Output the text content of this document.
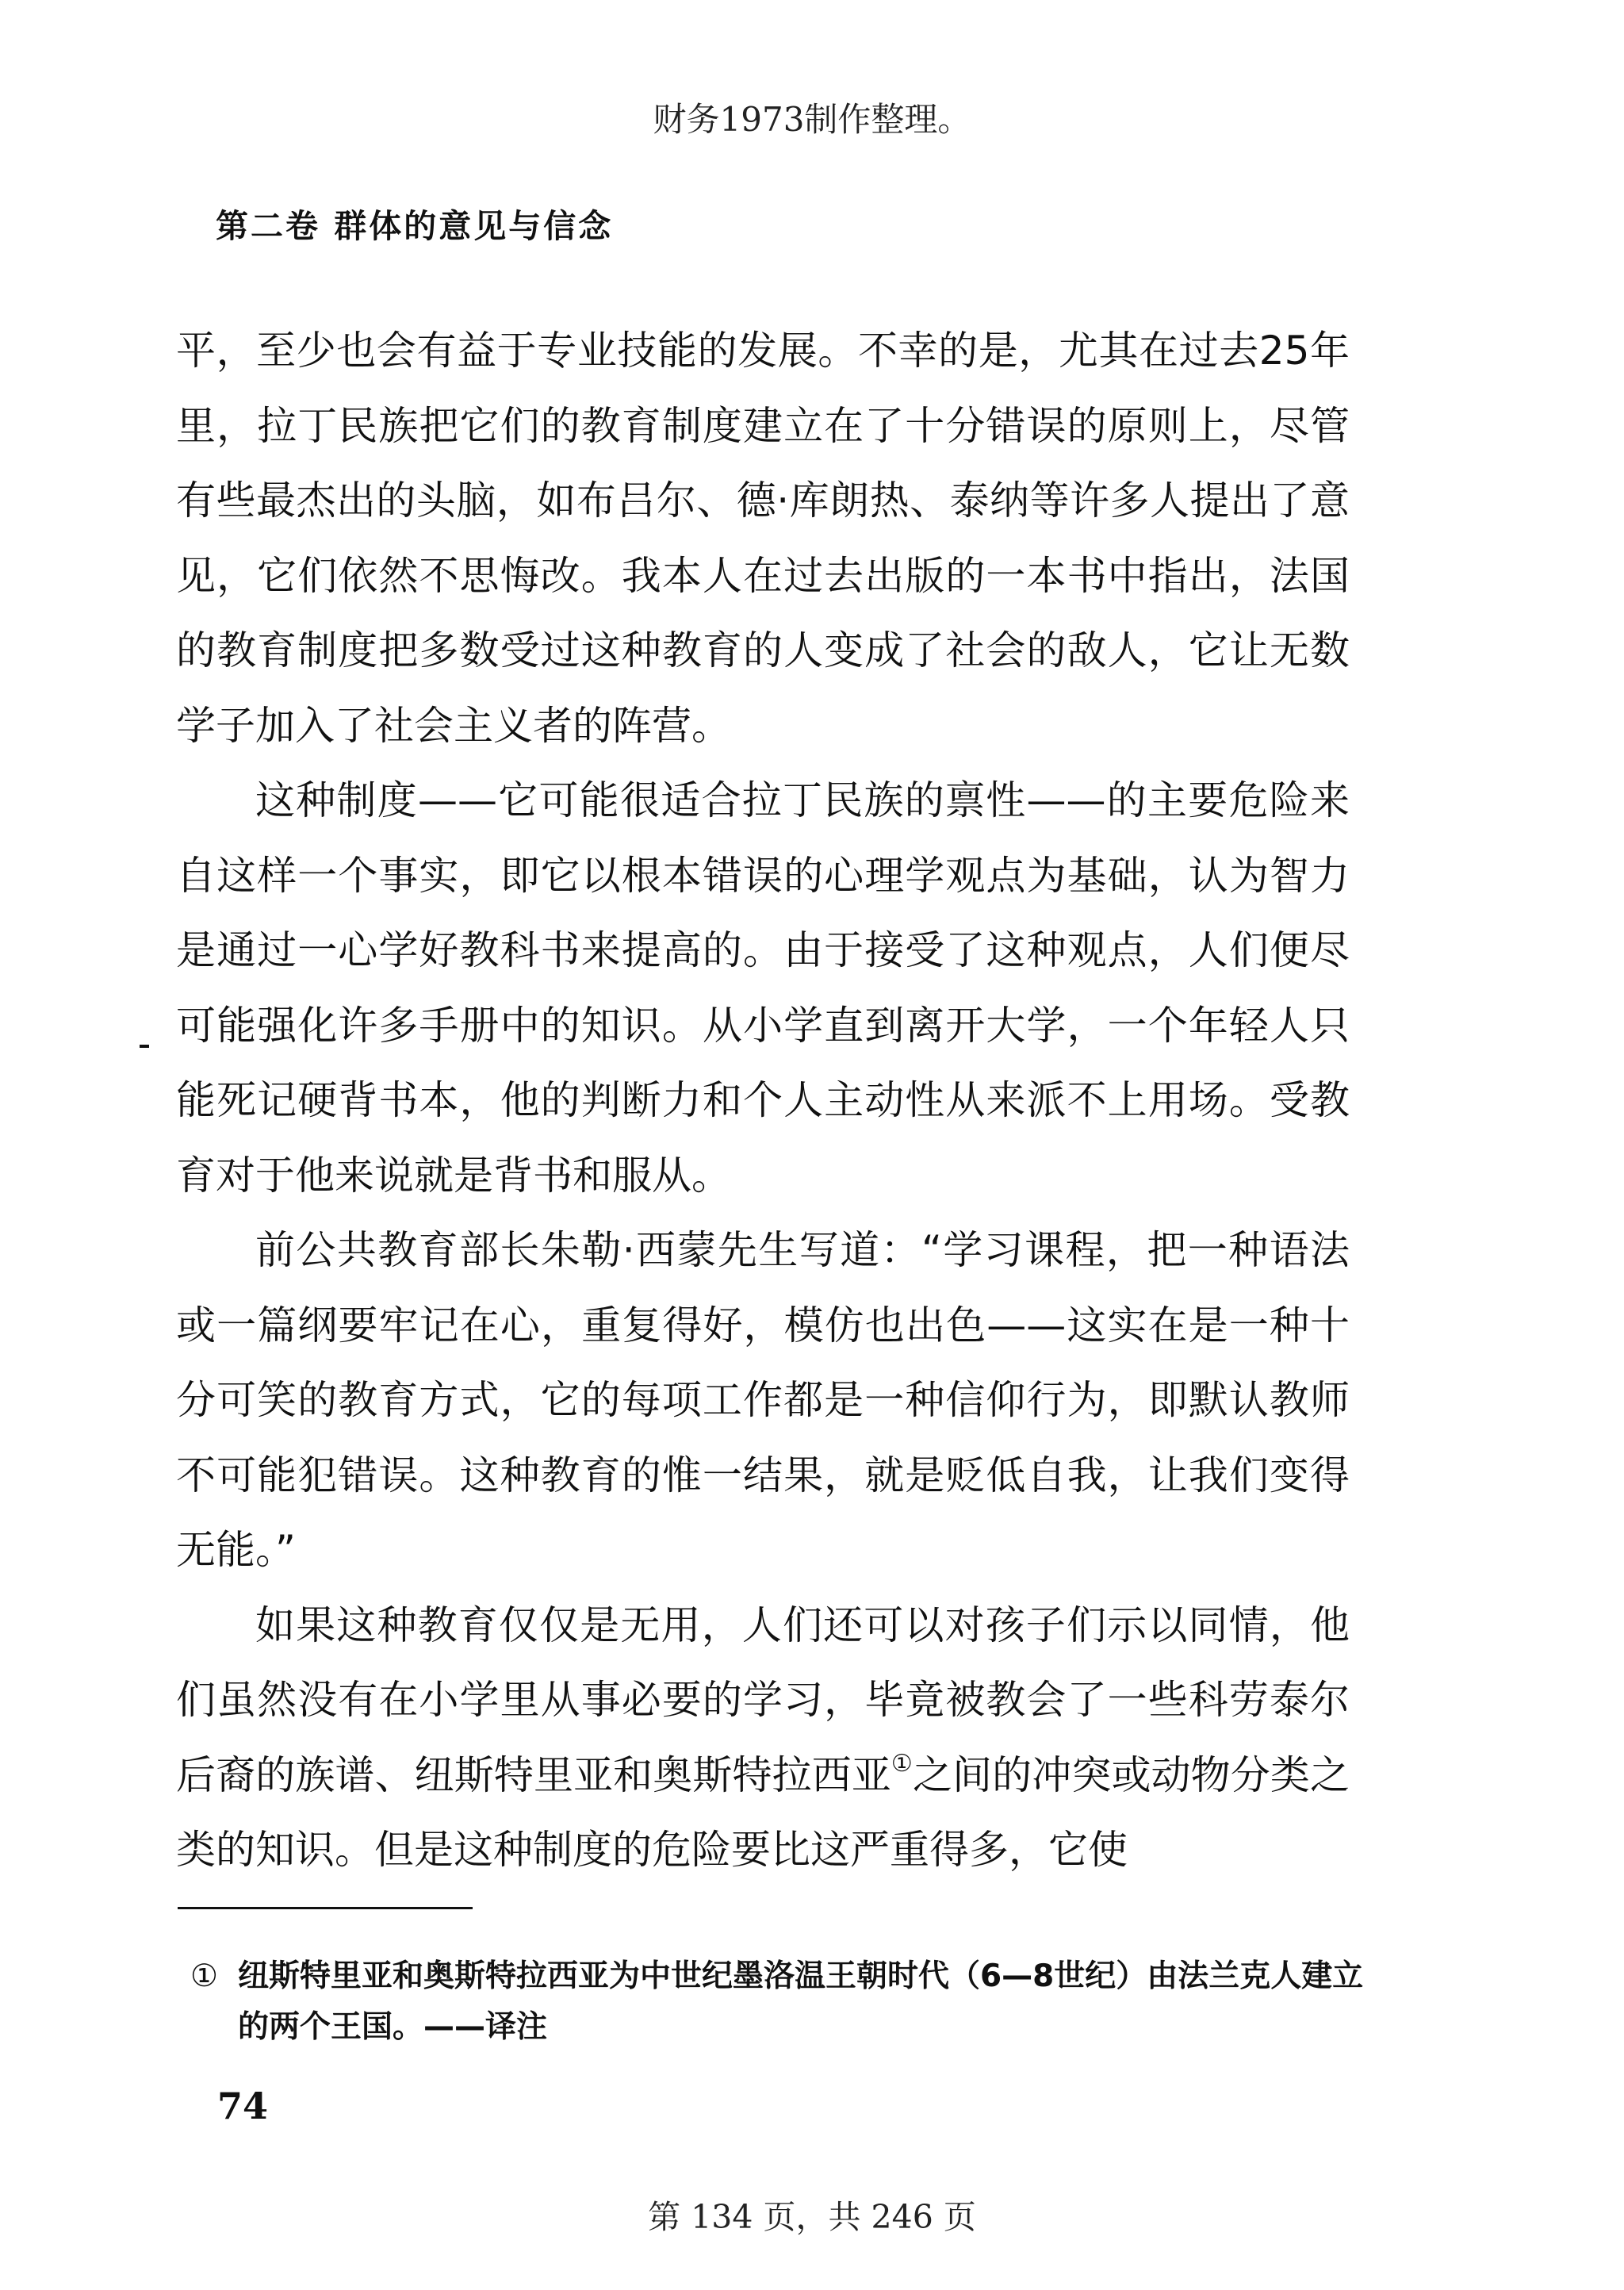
财务1973制作整理。
第二卷 群体的意见与信念

平，至少也会有益于专业技能的发展。不幸的是，尤其在过去25年里，拉丁民族把它们的教育制度建立在了十分错误的原则上，尽管有些最杰出的头脑，如布吕尔、德·库朗热、泰纳等许多人提出了意见，它们依然不思悔改。我本人在过去出版的一本书中指出，法国的教育制度把多数受过这种教育的人变成了社会的敌人，它让无数学子加入了社会主义者的阵营。

这种制度——它可能很适合拉丁民族的禀性——的主要危险来自这样一个事实，即它以根本错误的心理学观点为基础，认为智力是通过一心学好教科书来提高的。由于接受了这种观点，人们便尽可能强化许多手册中的知识。从小学直到离开大学，一个年轻人只能死记硬背书本，他的判断力和个人主动性从来派不上用场。受教育对于他来说就是背书和服从。

前公共教育部长朱勒·西蒙先生写道：“学习课程，把一种语法或一篇纲要牢记在心，重复得好，模仿也出色——这实在是一种十分可笑的教育方式，它的每项工作都是一种信仰行为，即默认教师不可能犯错误。这种教育的惟一结果，就是贬低自我，让我们变得无能。”

如果这种教育仅仅是无用，人们还可以对孩子们示以同情，他们虽然没有在小学里从事必要的学习，毕竟被教会了一些科劳泰尔后裔的族谱、纽斯特里亚和奥斯特拉西亚①之间的冲突或动物分类之类的知识。但是这种制度的危险要比这严重得多，它使

① 纽斯特里亚和奥斯特拉西亚为中世纪墨洛温王朝时代（6—8世纪）由法兰克人建立的两个王国。——译注
74
第 134 页，共 246 页
